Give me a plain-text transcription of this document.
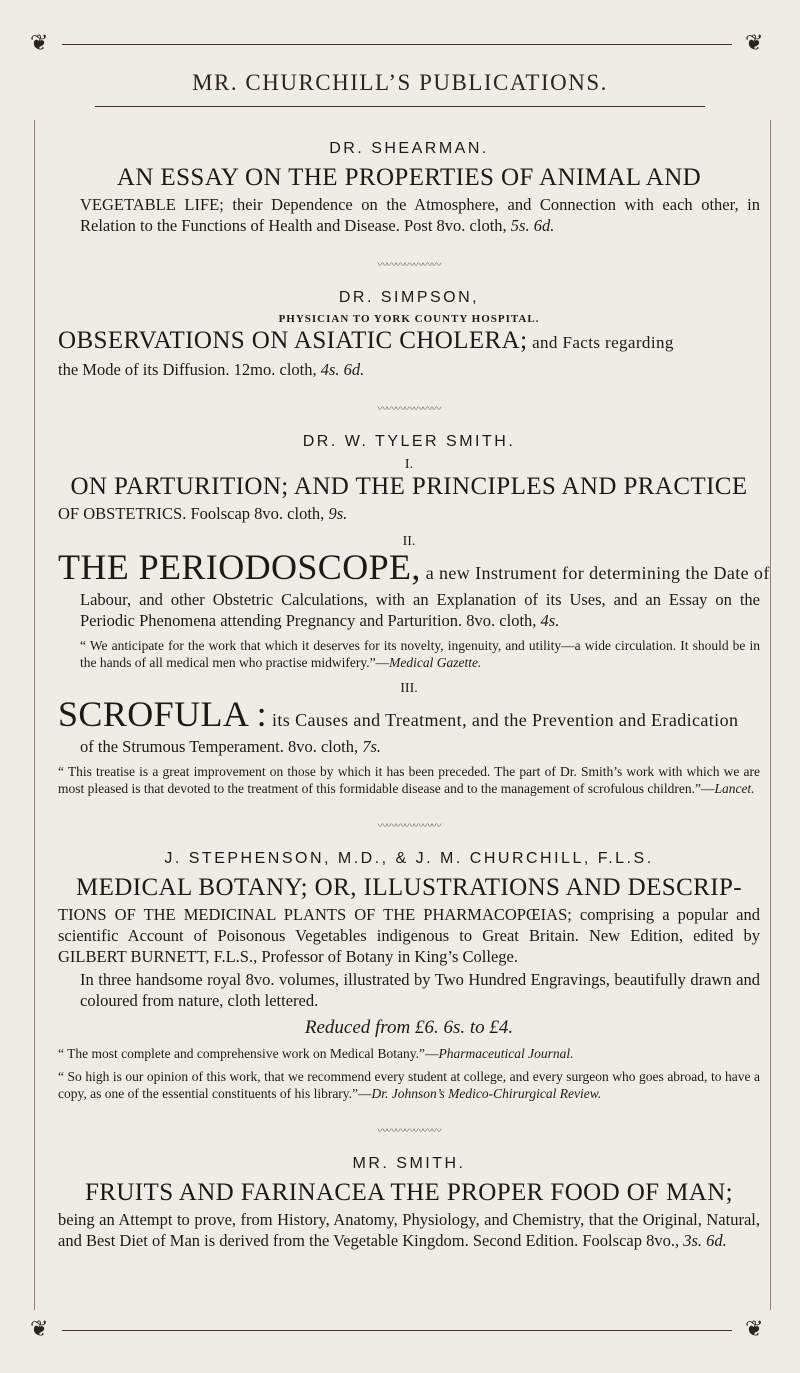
❦	❦
MR. CHURCHILL’S PUBLICATIONS.
DR. SHEARMAN.
AN ESSAY ON THE PROPERTIES OF ANIMAL AND

VEGETABLE LIFE; their Dependence on the Atmosphere, and Connection with each other, in Relation to the Functions of Health and Disease. Post 8vo. cloth, 5s. 6d.

〰〰〰〰〰〰〰
DR. SIMPSON,
PHYSICIAN TO YORK COUNTY HOSPITAL.
OBSERVATIONS ON ASIATIC CHOLERA; and Facts regarding

the Mode of its Diffusion. 12mo. cloth, 4s. 6d.

〰〰〰〰〰〰〰
DR. W. TYLER SMITH.
I.
ON PARTURITION; AND THE PRINCIPLES AND PRACTICE

OF OBSTETRICS. Foolscap 8vo. cloth, 9s.

II.
THE PERIODOSCOPE, a new Instrument for determining the Date of

Labour, and other Obstetric Calculations, with an Explanation of its Uses, and an Essay on the Periodic Phenomena attending Pregnancy and Parturition. 8vo. cloth, 4s.

“ We anticipate for the work that which it deserves for its novelty, ingenuity, and utility—a wide circulation. It should be in the hands of all medical men who practise midwifery.”—Medical Gazette.

III.
SCROFULA : its Causes and Treatment, and the Prevention and Eradication

of the Strumous Temperament. 8vo. cloth, 7s.

“ This treatise is a great improvement on those by which it has been preceded. The part of Dr. Smith’s work with which we are most pleased is that devoted to the treatment of this formidable disease and to the management of scrofulous children.”—Lancet.

〰〰〰〰〰〰〰
J. STEPHENSON, M.D., & J. M. CHURCHILL, F.L.S.
MEDICAL BOTANY; OR, ILLUSTRATIONS AND DESCRIP-

TIONS OF THE MEDICINAL PLANTS OF THE PHARMACOPŒIAS; comprising a popular and scientific Account of Poisonous Vegetables indigenous to Great Britain. New Edition, edited by GILBERT BURNETT, F.L.S., Professor of Botany in King’s College.

In three handsome royal 8vo. volumes, illustrated by Two Hundred Engravings, beautifully drawn and coloured from nature, cloth lettered.

Reduced from £6. 6s. to £4.

“ The most complete and comprehensive work on Medical Botany.”—Pharmaceutical Journal.

“ So high is our opinion of this work, that we recommend every student at college, and every surgeon who goes abroad, to have a copy, as one of the essential constituents of his library.”—Dr. Johnson’s Medico-Chirurgical Review.

〰〰〰〰〰〰〰
MR. SMITH.
FRUITS AND FARINACEA THE PROPER FOOD OF MAN;

being an Attempt to prove, from History, Anatomy, Physiology, and Chemistry, that the Original, Natural, and Best Diet of Man is derived from the Vegetable Kingdom. Second Edition. Foolscap 8vo., 3s. 6d.

❦	❦
